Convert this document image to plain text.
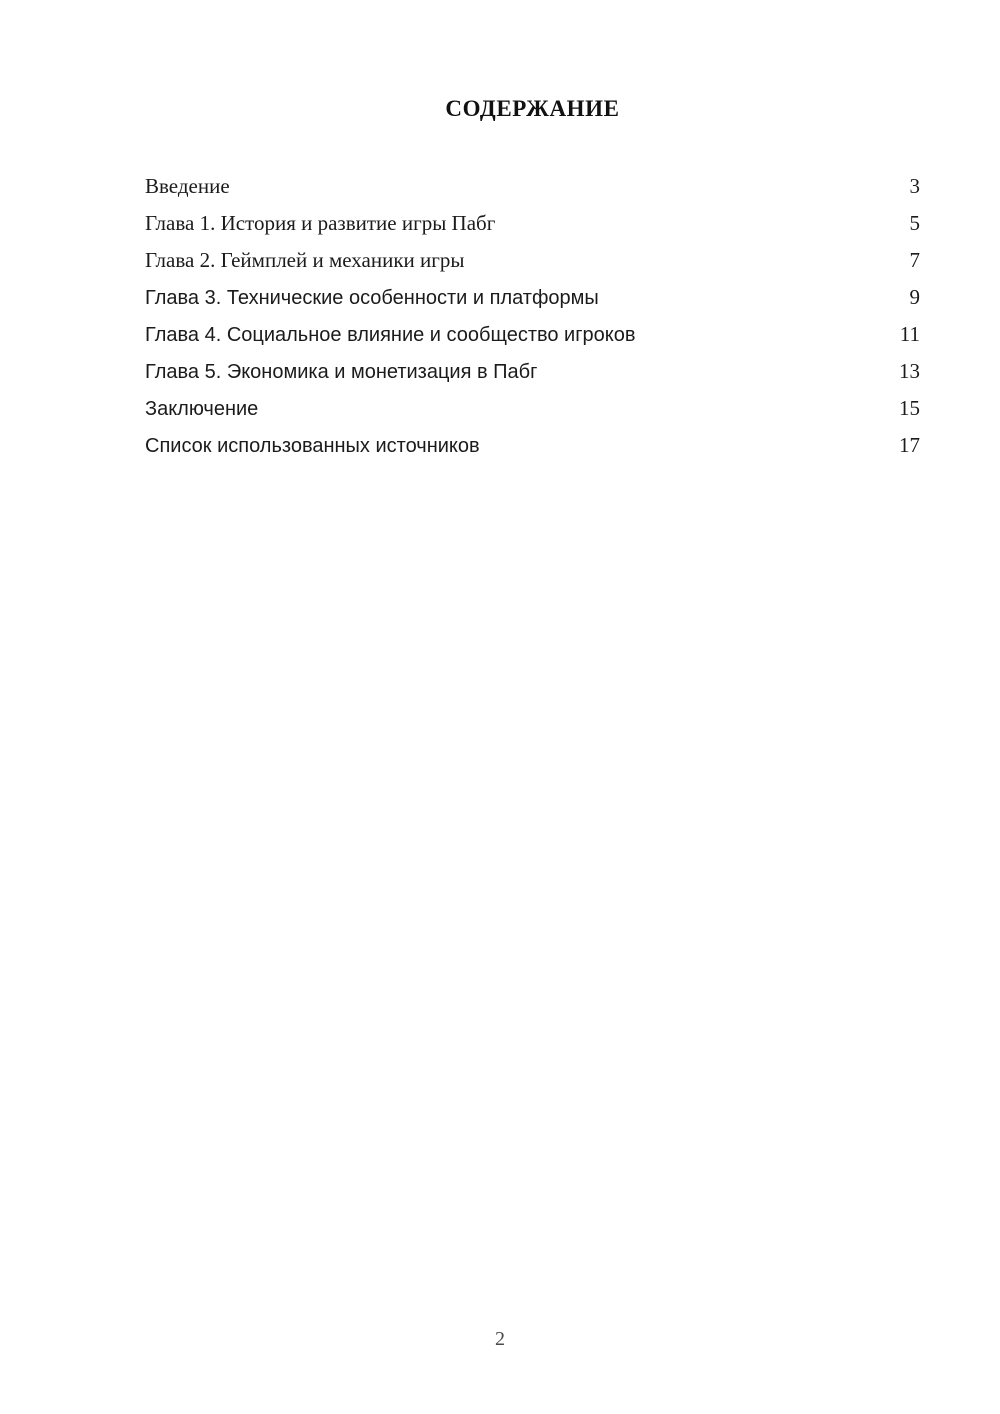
СОДЕРЖАНИЕ
Введение	3
Глава 1. История и развитие игры Пабг	5
Глава 2. Геймплей и механики игры	7
Глава 3. Технические особенности и платформы	9
Глава 4. Социальное влияние и сообщество игроков	11
Глава 5. Экономика и монетизация в Пабг	13
Заключение	15
Список использованных источников	17
2
